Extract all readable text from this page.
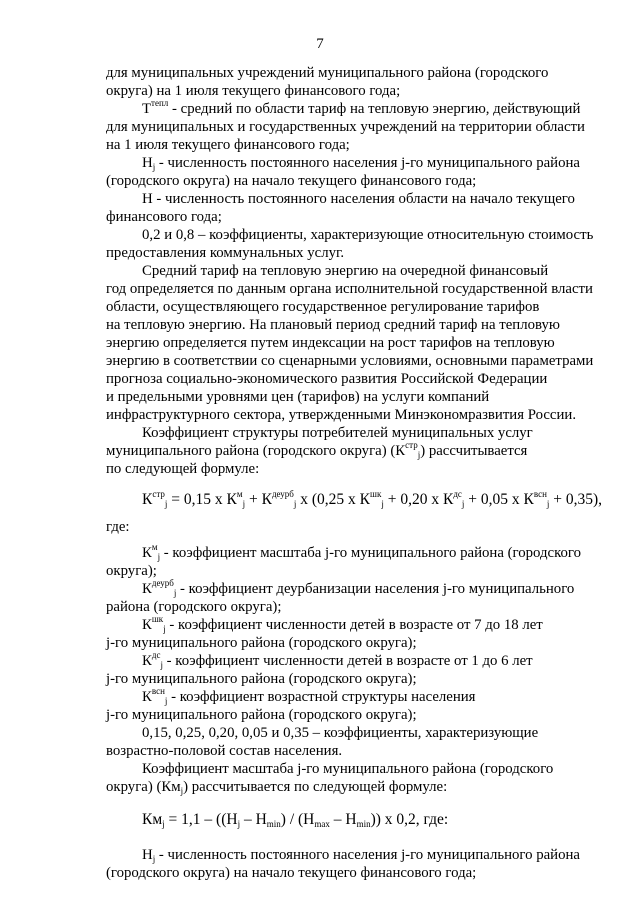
7
для муниципальных учреждений муниципального района (городского
округа) на 1 июля текущего финансового года;
$Т^{тепл}$ - средний по области тариф на тепловую энергию, действующий
для муниципальных и государственных учреждений на территории области
на 1 июля текущего финансового года;
$H_j$ - численность постоянного населения j-го муниципального района
(городского округа) на начало текущего финансового года;
Н - численность постоянного населения области на начало текущего
финансового года;
0,2 и 0,8 – коэффициенты, характеризующие относительную стоимость
предоставления коммунальных услуг.
Средний тариф на тепловую энергию на очередной финансовый
год определяется по данным органа исполнительной государственной власти
области, осуществляющего государственное регулирование тарифов
на тепловую энергию. На плановый период средний тариф на тепловую
энергию определяется путем индексации на рост тарифов на тепловую
энергию в соответствии со сценарными условиями, основными параметрами
прогноза социально-экономического развития Российской Федерации
и предельными уровнями цен (тарифов) на услуги компаний
инфраструктурного сектора, утвержденными Минэкономразвития России.
Коэффициент структуры потребителей муниципальных услуг
муниципального района (городского округа) $(К^{стр}_j)$ рассчитывается
по следующей формуле:
$К^{стр}_j = 0,15$ x $К^м_j + К^{деурб}_j$ x (0,25 x $К^{шк}_j + 0,20$ x $К^{дс}_j + 0,05$ x $К^{всн}_j + 0,35$),
где:
$К^м_j$ - коэффициент масштаба j-го муниципального района (городского
округа);
$К^{деурб}_j$ - коэффициент деурбанизации населения j-го муниципального
района (городского округа);
$К^{шк}_j$ - коэффициент численности детей в возрасте от 7 до 18 лет
j-го муниципального района (городского округа);
$К^{дс}_j$ - коэффициент численности детей в возрасте от 1 до 6 лет
j-го муниципального района (городского округа);
$К^{всн}_j$ - коэффициент возрастной структуры населения
j-го муниципального района (городского округа);
0,15, 0,25, 0,20, 0,05 и 0,35 – коэффициенты, характеризующие
возрастно-половой состав населения.
Коэффициент масштаба j-го муниципального района (городского
округа) $(Км_j)$ рассчитывается по следующей формуле:
$Км_j = 1,1 - ((H_j - H_{min}) / (H_{max} - H_{min}))$ x 0,2, где:
$H_j$ - численность постоянного населения j-го муниципального района
(городского округа) на начало текущего финансового года;
